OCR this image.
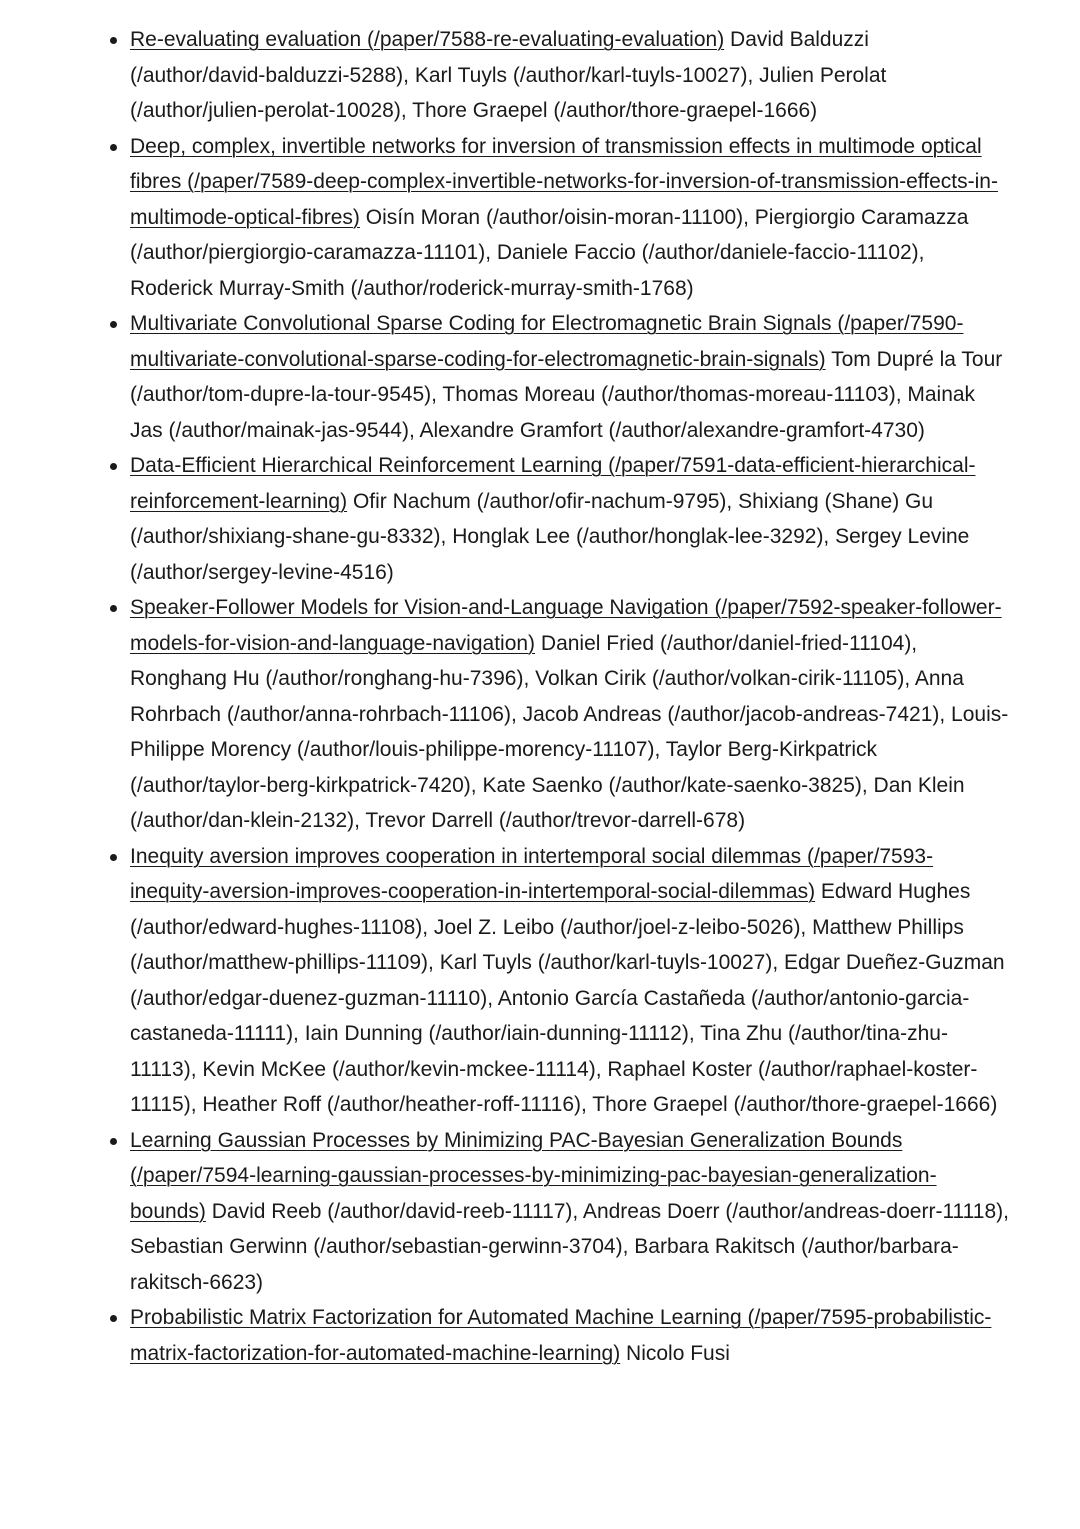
Re-evaluating evaluation (/paper/7588-re-evaluating-evaluation) David Balduzzi (/author/david-balduzzi-5288), Karl Tuyls (/author/karl-tuyls-10027), Julien Perolat (/author/julien-perolat-10028), Thore Graepel (/author/thore-graepel-1666)
Deep, complex, invertible networks for inversion of transmission effects in multimode optical fibres (/paper/7589-deep-complex-invertible-networks-for-inversion-of-transmission-effects-in-multimode-optical-fibres) Oisín Moran (/author/oisin-moran-11100), Piergiorgio Caramazza (/author/piergiorgio-caramazza-11101), Daniele Faccio (/author/daniele-faccio-11102), Roderick Murray-Smith (/author/roderick-murray-smith-1768)
Multivariate Convolutional Sparse Coding for Electromagnetic Brain Signals (/paper/7590-multivariate-convolutional-sparse-coding-for-electromagnetic-brain-signals) Tom Dupré la Tour (/author/tom-dupre-la-tour-9545), Thomas Moreau (/author/thomas-moreau-11103), Mainak Jas (/author/mainak-jas-9544), Alexandre Gramfort (/author/alexandre-gramfort-4730)
Data-Efficient Hierarchical Reinforcement Learning (/paper/7591-data-efficient-hierarchical-reinforcement-learning) Ofir Nachum (/author/ofir-nachum-9795), Shixiang (Shane) Gu (/author/shixiang-shane-gu-8332), Honglak Lee (/author/honglak-lee-3292), Sergey Levine (/author/sergey-levine-4516)
Speaker-Follower Models for Vision-and-Language Navigation (/paper/7592-speaker-follower-models-for-vision-and-language-navigation) Daniel Fried (/author/daniel-fried-11104), Ronghang Hu (/author/ronghang-hu-7396), Volkan Cirik (/author/volkan-cirik-11105), Anna Rohrbach (/author/anna-rohrbach-11106), Jacob Andreas (/author/jacob-andreas-7421), Louis-Philippe Morency (/author/louis-philippe-morency-11107), Taylor Berg-Kirkpatrick (/author/taylor-berg-kirkpatrick-7420), Kate Saenko (/author/kate-saenko-3825), Dan Klein (/author/dan-klein-2132), Trevor Darrell (/author/trevor-darrell-678)
Inequity aversion improves cooperation in intertemporal social dilemmas (/paper/7593-inequity-aversion-improves-cooperation-in-intertemporal-social-dilemmas) Edward Hughes (/author/edward-hughes-11108), Joel Z. Leibo (/author/joel-z-leibo-5026), Matthew Phillips (/author/matthew-phillips-11109), Karl Tuyls (/author/karl-tuyls-10027), Edgar Dueñez-Guzman (/author/edgar-duenez-guzman-11110), Antonio García Castañeda (/author/antonio-garcia-castaneda-11111), Iain Dunning (/author/iain-dunning-11112), Tina Zhu (/author/tina-zhu-11113), Kevin McKee (/author/kevin-mckee-11114), Raphael Koster (/author/raphael-koster-11115), Heather Roff (/author/heather-roff-11116), Thore Graepel (/author/thore-graepel-1666)
Learning Gaussian Processes by Minimizing PAC-Bayesian Generalization Bounds (/paper/7594-learning-gaussian-processes-by-minimizing-pac-bayesian-generalization-bounds) David Reeb (/author/david-reeb-11117), Andreas Doerr (/author/andreas-doerr-11118), Sebastian Gerwinn (/author/sebastian-gerwinn-3704), Barbara Rakitsch (/author/barbara-rakitsch-6623)
Probabilistic Matrix Factorization for Automated Machine Learning (/paper/7595-probabilistic-matrix-factorization-for-automated-machine-learning) Nicolo Fusi
